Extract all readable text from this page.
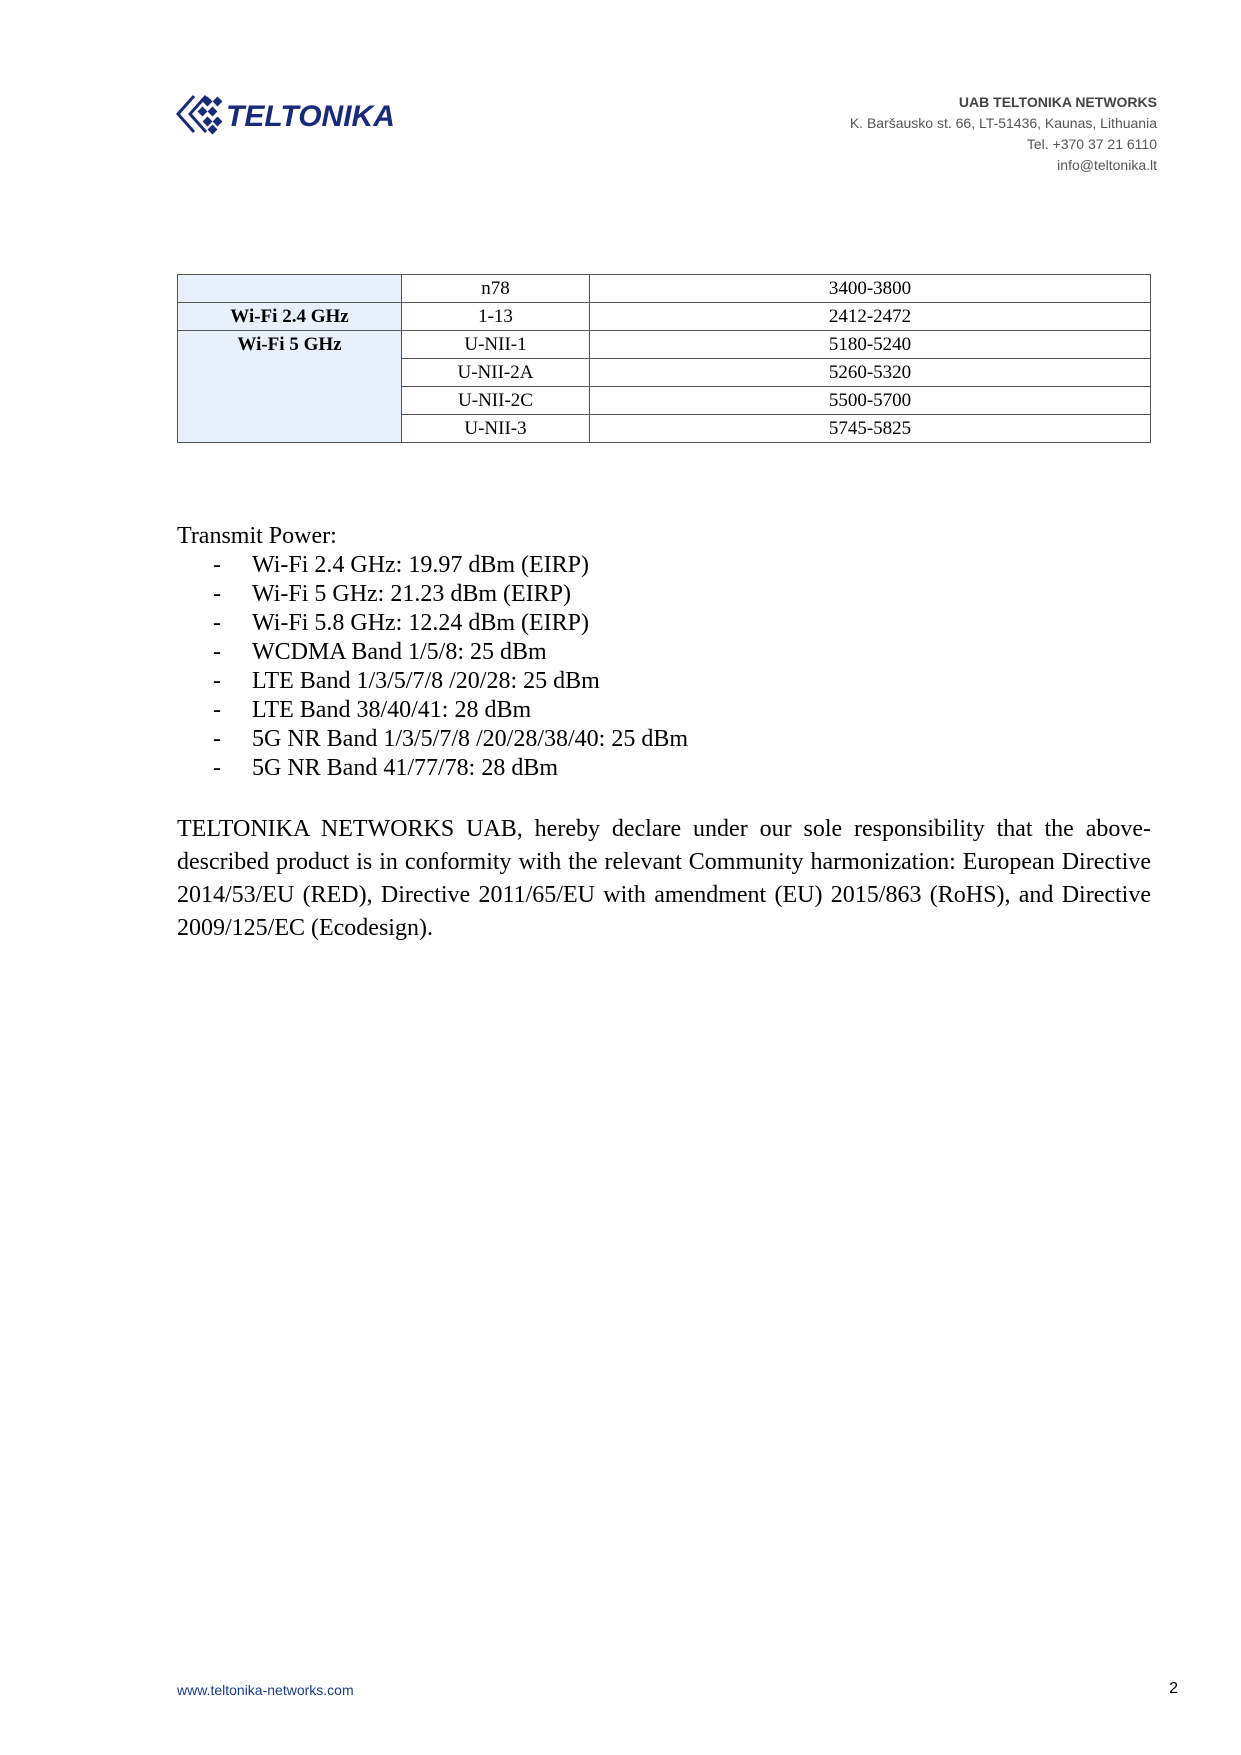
TELTONIKA	UAB TELTONIKA NETWORKS
K. Baršausko st. 66, LT-51436, Kaunas, Lithuania
Tel. +370 37 21 6110
info@teltonika.lt
	n78	3400-3800
Wi-Fi 2.4 GHz	1-13	2412-2472
Wi-Fi 5 GHz	U-NII-1	5180-5240
	U-NII-2A	5260-5320
	U-NII-2C	5500-5700
	U-NII-3	5745-5825
Transmit Power:
- Wi-Fi 2.4 GHz: 19.97 dBm (EIRP)
- Wi-Fi 5 GHz: 21.23 dBm (EIRP)
- Wi-Fi 5.8 GHz: 12.24 dBm (EIRP)
- WCDMA Band 1/5/8: 25 dBm
- LTE Band 1/3/5/7/8 /20/28: 25 dBm
- LTE Band 38/40/41: 28 dBm
- 5G NR Band 1/3/5/7/8 /20/28/38/40: 25 dBm
- 5G NR Band 41/77/78: 28 dBm

TELTONIKA NETWORKS UAB, hereby declare under our sole responsibility that the above-described product is in conformity with the relevant Community harmonization: European Directive 2014/53/EU (RED), Directive 2011/65/EU with amendment (EU) 2015/863 (RoHS), and Directive 2009/125/EC (Ecodesign).

www.teltonika-networks.com	2
